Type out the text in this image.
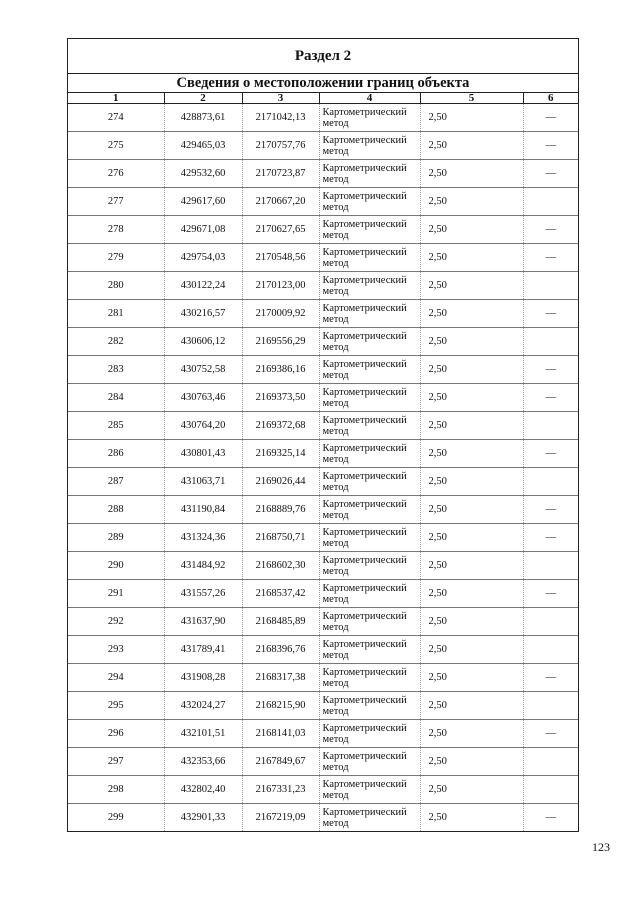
Раздел 2
Сведения о местоположении границ объекта
1	2	3	4	5	6
274	428873,61	2171042,13	Картометрический
метод	2,50	—
275	429465,03	2170757,76	Картометрический
метод	2,50	—
276	429532,60	2170723,87	Картометрический
метод	2,50	—
277	429617,60	2170667,20	Картометрический
метод	2,50	
278	429671,08	2170627,65	Картометрический
метод	2,50	—
279	429754,03	2170548,56	Картометрический
метод	2,50	—
280	430122,24	2170123,00	Картометрический
метод	2,50	
281	430216,57	2170009,92	Картометрический
метод	2,50	—
282	430606,12	2169556,29	Картометрический
метод	2,50	
283	430752,58	2169386,16	Картометрический
метод	2,50	—
284	430763,46	2169373,50	Картометрический
метод	2,50	—
285	430764,20	2169372,68	Картометрический
метод	2,50	
286	430801,43	2169325,14	Картометрический
метод	2,50	—
287	431063,71	2169026,44	Картометрический
метод	2,50	
288	431190,84	2168889,76	Картометрический
метод	2,50	—
289	431324,36	2168750,71	Картометрический
метод	2,50	—
290	431484,92	2168602,30	Картометрический
метод	2,50	
291	431557,26	2168537,42	Картометрический
метод	2,50	—
292	431637,90	2168485,89	Картометрический
метод	2,50	
293	431789,41	2168396,76	Картометрический
метод	2,50	
294	431908,28	2168317,38	Картометрический
метод	2,50	—
295	432024,27	2168215,90	Картометрический
метод	2,50	
296	432101,51	2168141,03	Картометрический
метод	2,50	—
297	432353,66	2167849,67	Картометрический
метод	2,50	
298	432802,40	2167331,23	Картометрический
метод	2,50	
299	432901,33	2167219,09	Картометрический
метод	2,50	—
123
